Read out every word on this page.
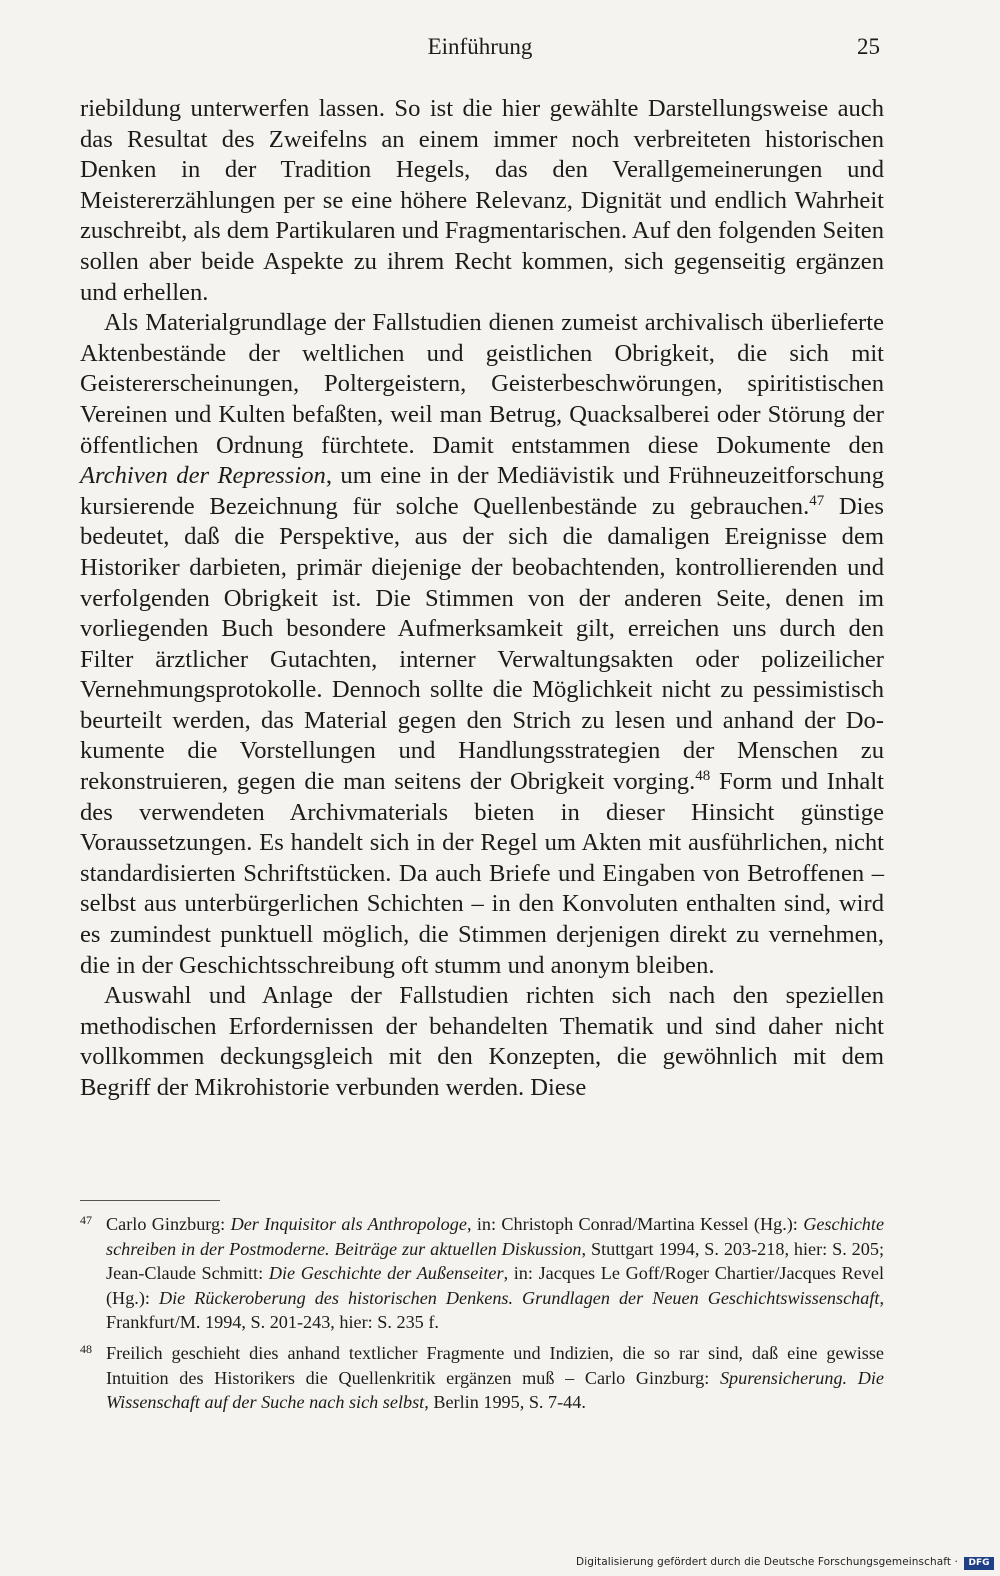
Einführung	25

riebildung unterwerfen lassen. So ist die hier gewählte Darstellungsweise auch das Resultat des Zweifelns an einem immer noch verbreiteten historischen Denken in der Tradition Hegels, das den Verallgemeinerungen und Meistererzählungen per se eine höhere Relevanz, Dignität und endlich Wahrheit zuschreibt, als dem Partikularen und Fragmentarischen. Auf den folgenden Seiten sollen aber beide Aspekte zu ihrem Recht kommen, sich gegenseitig ergänzen und erhellen.

Als Materialgrundlage der Fallstudien dienen zumeist archivalisch überlieferte Aktenbestände der weltlichen und geistlichen Obrigkeit, die sich mit Geistererscheinungen, Poltergeistern, Geisterbeschwörungen, spiritistischen Vereinen und Kulten befaßten, weil man Betrug, Quacksalberei oder Störung der öffentlichen Ordnung fürchtete. Damit entstammen diese Dokumente den Archiven der Repression, um eine in der Mediävistik und Frühneuzeitforschung kursierende Bezeichnung für solche Quellenbestände zu gebrauchen.$^{47}$ Dies bedeutet, daß die Perspektive, aus der sich die damaligen Ereignisse dem Historiker darbieten, primär diejenige der beobachtenden, kontrollierenden und verfolgenden Obrigkeit ist. Die Stimmen von der anderen Seite, denen im vorliegenden Buch besondere Aufmerksamkeit gilt, erreichen uns durch den Filter ärztlicher Gutachten, interner Verwaltungsakten oder polizeilicher Vernehmungsprotokolle. Dennoch sollte die Möglichkeit nicht zu pessimistisch beurteilt werden, das Material gegen den Strich zu lesen und anhand der Dokumente die Vorstellungen und Handlungsstrategien der Menschen zu rekonstruieren, gegen die man seitens der Obrigkeit vorging.$^{48}$ Form und Inhalt des verwendeten Archivmaterials bieten in dieser Hinsicht günstige Voraussetzungen. Es handelt sich in der Regel um Akten mit ausführlichen, nicht standardisierten Schriftstücken. Da auch Briefe und Eingaben von Betroffenen – selbst aus unterbürgerlichen Schichten – in den Konvoluten enthalten sind, wird es zumindest punktuell möglich, die Stimmen derjenigen direkt zu vernehmen, die in der Geschichtsschreibung oft stumm und anonym bleiben.

Auswahl und Anlage der Fallstudien richten sich nach den speziellen methodischen Erfordernissen der behandelten Thematik und sind daher nicht vollkommen deckungsgleich mit den Konzepten, die gewöhnlich mit dem Begriff der Mikrohistorie verbunden werden. Diese

47 Carlo Ginzburg: Der Inquisitor als Anthropologe, in: Christoph Conrad/Martina Kessel (Hg.): Geschichte schreiben in der Postmoderne. Beiträge zur aktuellen Diskussion, Stuttgart 1994, S. 203-218, hier: S. 205; Jean-Claude Schmitt: Die Geschichte der Außenseiter, in: Jacques Le Goff/Roger Chartier/Jacques Revel (Hg.): Die Rückeroberung des historischen Denkens. Grundlagen der Neuen Geschichtswissenschaft, Frankfurt/M. 1994, S. 201-243, hier: S. 235 f.
48 Freilich geschieht dies anhand textlicher Fragmente und Indizien, die so rar sind, daß eine gewisse Intuition des Historikers die Quellenkritik ergänzen muß – Carlo Ginzburg: Spurensicherung. Die Wissenschaft auf der Suche nach sich selbst, Berlin 1995, S. 7-44.
Digitalisierung gefördert durch die Deutsche Forschungsgemeinschaft ·	DFG
